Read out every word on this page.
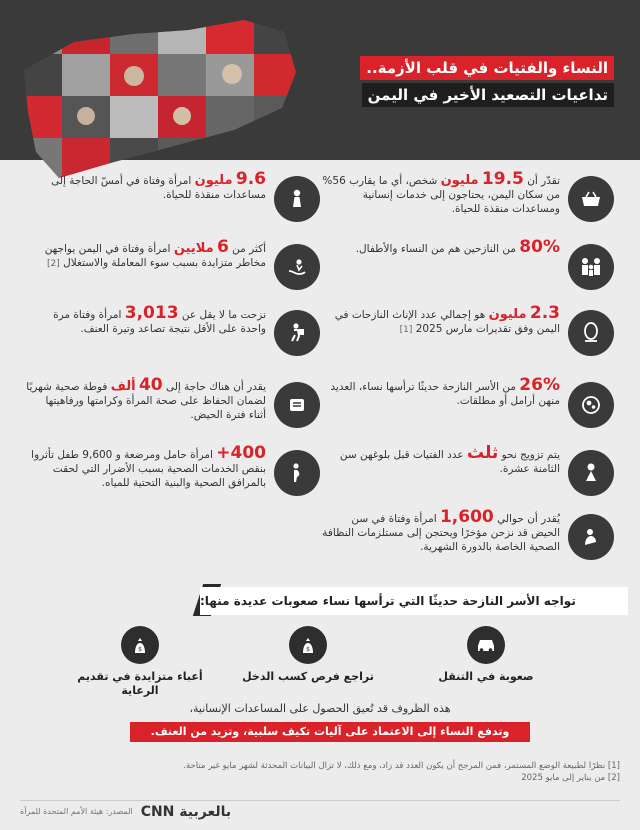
النساء والفتيات في قلب الأزمة..
تداعيات التصعيد الأخير في اليمن
تقدّر أن 19.5 مليون شخص، أي ما يقارب 56% من سكان اليمن، يحتاجون إلى خدمات إنسانية ومساعدات منقذة للحياة.
80% من النازحين هم من النساء والأطفال.
2.3 مليون هو إجمالي عدد الإناث النازحات في اليمن وفق تقديرات مارس 2025 [1]
26% من الأسر النازحة حديثًا ترأسها نساء، العديد منهن أرامل أو مطلقات.
يتم تزويج نحو ثلث عدد الفتيات قبل بلوغهن سن الثامنة عشرة.
يُقدر أن حوالي 1,600 امرأة وفتاة في سن الحيض قد نزحن مؤخرًا ويحتجن إلى مستلزمات النظافة الصحية الخاصة بالدورة الشهرية.
9.6 مليون امرأة وفتاة في أمسّ الحاجة إلى مساعدات منقذة للحياة.
أكثر من 6 ملايين امرأة وفتاة في اليمن يواجهن مخاطر متزايدة بسبب سوء المعاملة والاستغلال [2]
نزحت ما لا يقل عن 3,013 امرأة وفتاة مرة واحدة على الأقل نتيجة تصاعد وتيرة العنف.
يقدر أن هناك حاجة إلى 40 ألف فوطة صحية شهريًا لضمان الحفاظ على صحة المرأة وكرامتها ورفاهيتها أثناء فترة الحيض.
400+ امرأة حامل ومرضعة و 9,600 طفل تأثروا بنقص الخدمات الصحية بسبب الأضرار التي لحقت بالمرافق الصحية والبنية التحتية للمياه.
تواجه الأسر النازحة حديثًا التي ترأسها نساء صعوبات عديدة منها:
صعوبة في التنقل
$
تراجع فرص كسب الدخل
$
أعباء متزايدة في تقديم الرعاية
هذه الظروف قد تُعيق الحصول على المساعدات الإنسانية،
وتدفع النساء إلى الاعتماد على آليات تكيف سلبية، وتزيد من العنف.
[1] نظرًا لطبيعة الوضع المستمر، فمن المرجح أن يكون العدد قد زاد، ومع ذلك، لا تزال البيانات المحدثة لشهر مايو غير متاحة.
[2] من يناير إلى مايو 2025
بالعربية CNN
المصدر: هيئة الأمم المتحدة للمرأة
